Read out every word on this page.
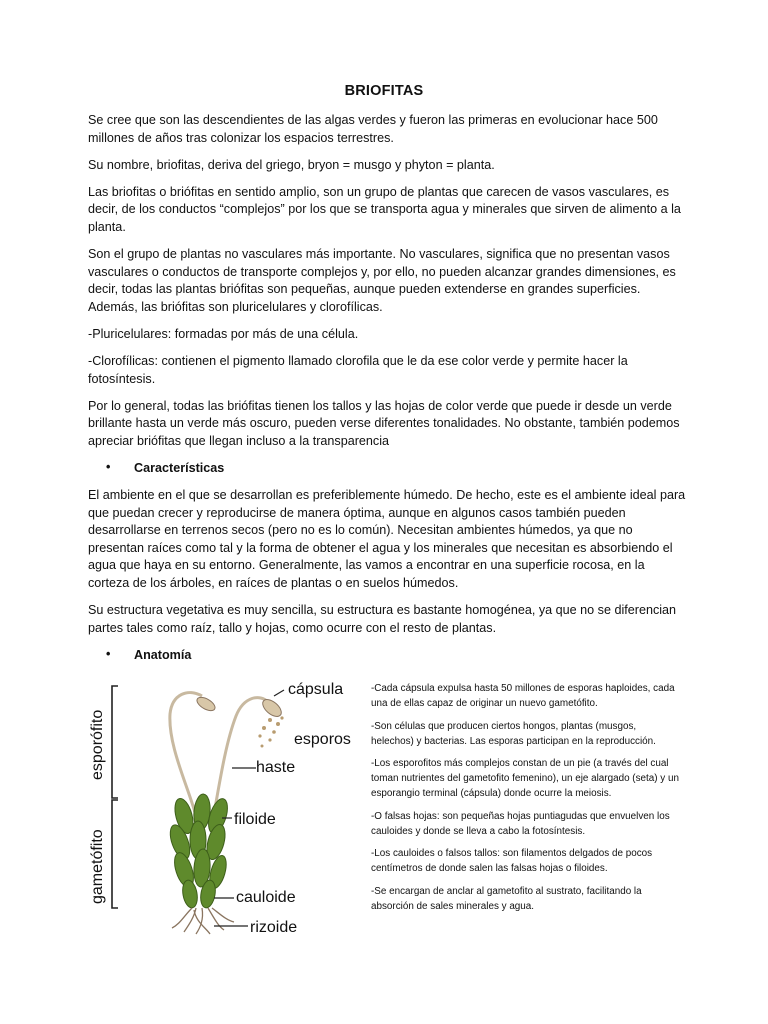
BRIOFITAS

Se cree que son las descendientes de las algas verdes y fueron las primeras en evolucionar hace 500 millones de años tras colonizar los espacios terrestres.

Su nombre, briofitas, deriva del griego, bryon = musgo y phyton = planta.

Las briofitas o briófitas en sentido amplio, son un grupo de plantas que carecen de vasos vasculares, es decir, de los conductos “complejos” por los que se transporta agua y minerales que sirven de alimento a la planta.

Son el grupo de plantas no vasculares más importante. No vasculares, significa que no presentan vasos vasculares o conductos de transporte complejos y, por ello, no pueden alcanzar grandes dimensiones, es decir, todas las plantas briófitas son pequeñas, aunque pueden extenderse en grandes superficies. Además, las briófitas son pluricelulares y clorofílicas.

-Pluricelulares: formadas por más de una célula.

-Clorofílicas: contienen el pigmento llamado clorofila que le da ese color verde y permite hacer la fotosíntesis.

Por lo general, todas las briófitas tienen los tallos y las hojas de color verde que puede ir desde un verde brillante hasta un verde más oscuro, pueden verse diferentes tonalidades. No obstante, también podemos apreciar briófitas que llegan incluso a la transparencia

• Características

El ambiente en el que se desarrollan es preferiblemente húmedo. De hecho, este es el ambiente ideal para que puedan crecer y reproducirse de manera óptima, aunque en algunos casos también pueden desarrollarse en terrenos secos (pero no es lo común). Necesitan ambientes húmedos, ya que no presentan raíces como tal y la forma de obtener el agua y los minerales que necesitan es absorbiendo el agua que haya en su entorno. Generalmente, las vamos a encontrar en una superficie rocosa, en la corteza de los árboles, en raíces de plantas o en suelos húmedos.

Su estructura vegetativa es muy sencilla, su estructura es bastante homogénea, ya que no se diferencian partes tales como raíz, tallo y hojas, como ocurre con el resto de plantas.

• Anatomía
esporófito
gametófito
cápsula
esporos
haste
filoide
cauloide
rizoide

-Cada cápsula expulsa hasta 50 millones de esporas haploides, cada una de ellas capaz de originar un nuevo gametófito.

-Son células que producen ciertos hongos, plantas (musgos, helechos) y bacterias. Las esporas participan en la reproducción.

-Los esporofitos más complejos constan de un pie (a través del cual toman nutrientes del gametofito femenino), un eje alargado (seta) y un esporangio terminal (cápsula) donde ocurre la meiosis.

-O falsas hojas: son pequeñas hojas puntiagudas que envuelven los cauloides y donde se lleva a cabo la fotosíntesis.

-Los cauloides o falsos tallos: son filamentos delgados de pocos centímetros de donde salen las falsas hojas o filoides.

-Se encargan de anclar al gametofito al sustrato, facilitando la absorción de sales minerales y agua.
